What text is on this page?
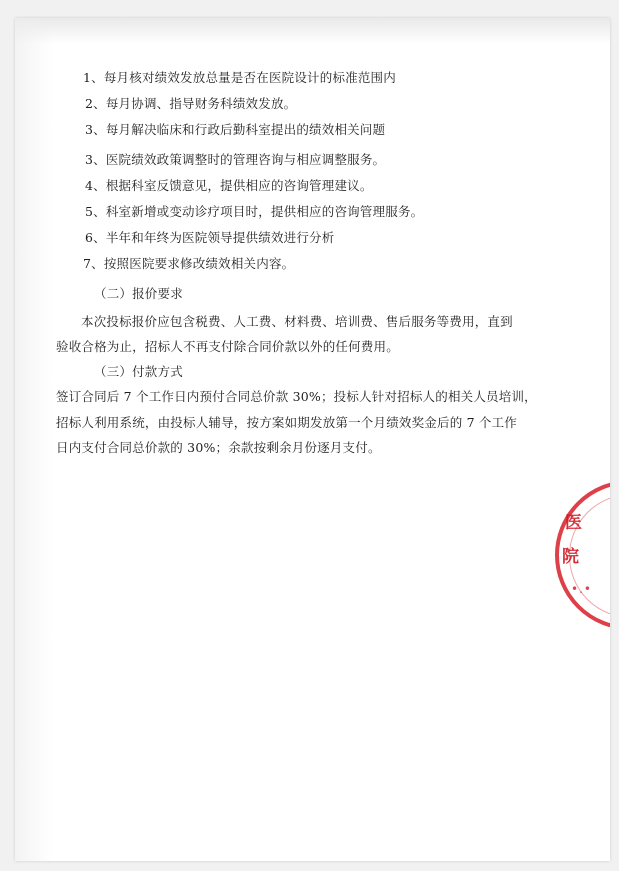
1、每月核对绩效发放总量是否在医院设计的标准范围内
2、每月协调、指导财务科绩效发放。
3、每月解决临床和行政后勤科室提出的绩效相关问题
3、医院绩效政策调整时的管理咨询与相应调整服务。
4、根据科室反馈意见，提供相应的咨询管理建议。
5、科室新增或变动诊疗项目时，提供相应的咨询管理服务。
6、半年和年终为医院领导提供绩效进行分析
7、按照医院要求修改绩效相关内容。
（二）报价要求
本次投标报价应包含税费、人工费、材料费、培训费、售后服务等费用，直到
验收合格为止，招标人不再支付除合同价款以外的任何费用。
（三）付款方式
签订合同后 7 个工作日内预付合同总价款 30%；投标人针对招标人的相关人员培训，
招标人利用系统，由投标人辅导，按方案如期发放第一个月绩效奖金后的 7 个工作
日内支付合同总价款的 30%；余款按剩余月份逐月支付。
医
院
•.•
